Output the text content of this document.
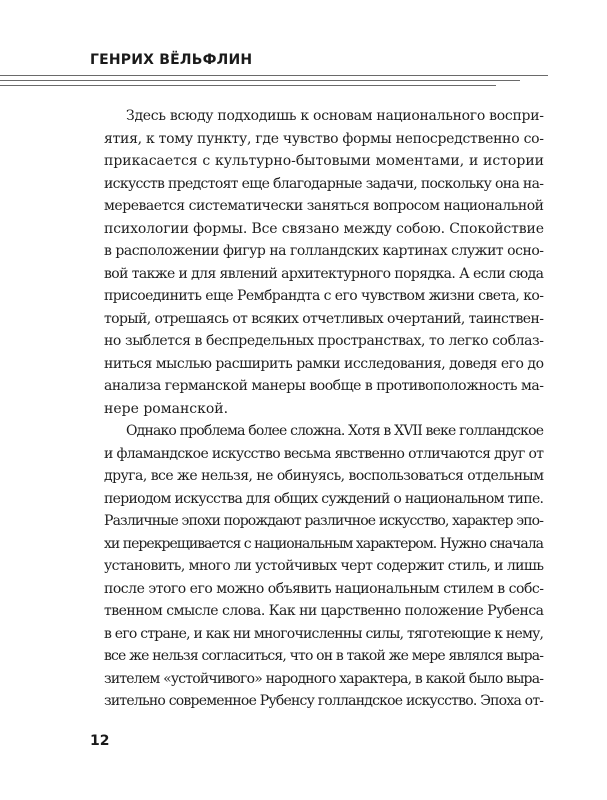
ГЕНРИХ ВЁЛЬФЛИН
Здесь всюду подходишь к основам национального воспри-
ятия, к тому пункту, где чувство формы непосредственно со-
прикасается с культурно-бытовыми моментами, и истории
искусств предстоят еще благодарные задачи, поскольку она на-
меревается систематически заняться вопросом национальной
психологии формы. Все связано между собою. Спокойствие
в расположении фигур на голландских картинах служит осно-
вой также и для явлений архитектурного порядка. А если сюда
присоединить еще Рембрандта с его чувством жизни света, ко-
торый, отрешаясь от всяких отчетливых очертаний, таинствен-
но зыблется в беспредельных пространствах, то легко соблаз-
ниться мыслью расширить рамки исследования, доведя его до
анализа германской манеры вообще в противоположность ма-
нере романской.
Однако проблема более сложна. Хотя в XVII веке голландское
и фламандское искусство весьма явственно отличаются друг от
друга, все же нельзя, не обинуясь, воспользоваться отдельным
периодом искусства для общих суждений о национальном типе.
Различные эпохи порождают различное искусство, характер эпо-
хи перекрещивается с национальным характером. Нужно сначала
установить, много ли устойчивых черт содержит стиль, и лишь
после этого его можно объявить национальным стилем в собс-
твенном смысле слова. Как ни царственно положение Рубенса
в его стране, и как ни многочисленны силы, тяготеющие к нему,
все же нельзя согласиться, что он в такой же мере являлся выра-
зителем «устойчивого» народного характера, в какой было выра-
зительно современное Рубенсу голландское искусство. Эпоха от-
12
